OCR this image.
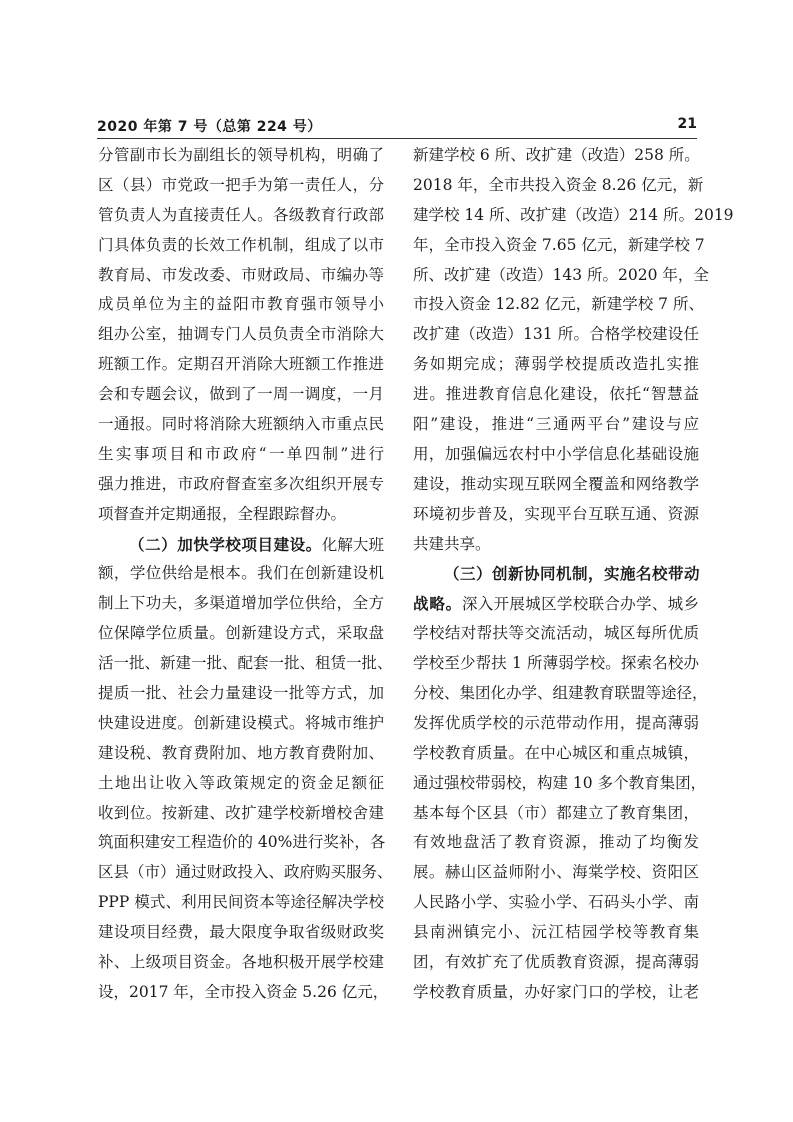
2020 年第 7 号（总第 224 号）	21
分管副市长为副组长的领导机构，明确了
区（县）市党政一把手为第一责任人，分
管负责人为直接责任人。各级教育行政部
门具体负责的长效工作机制，组成了以市
教育局、市发改委、市财政局、市编办等
成员单位为主的益阳市教育强市领导小
组办公室，抽调专门人员负责全市消除大
班额工作。定期召开消除大班额工作推进
会和专题会议，做到了一周一调度，一月
一通报。同时将消除大班额纳入市重点民
生实事项目和市政府“一单四制”进行
强力推进，市政府督查室多次组织开展专
项督查并定期通报，全程跟踪督办。
（二）加快学校项目建设。化解大班
额，学位供给是根本。我们在创新建设机
制上下功夫，多渠道增加学位供给，全方
位保障学位质量。创新建设方式，采取盘
活一批、新建一批、配套一批、租赁一批、
提质一批、社会力量建设一批等方式，加
快建设进度。创新建设模式。将城市维护
建设税、教育费附加、地方教育费附加、
土地出让收入等政策规定的资金足额征
收到位。按新建、改扩建学校新增校舍建
筑面积建安工程造价的 40%进行奖补，各
区县（市）通过财政投入、政府购买服务、
PPP 模式、利用民间资本等途径解决学校
建设项目经费，最大限度争取省级财政奖
补、上级项目资金。各地积极开展学校建
设，2017 年，全市投入资金 5.26 亿元，
新建学校 6 所、改扩建（改造）258 所。
2018 年，全市共投入资金 8.26 亿元，新
建学校 14 所、改扩建（改造）214 所。2019
年，全市投入资金 7.65 亿元，新建学校 7
所、改扩建（改造）143 所。2020 年，全
市投入资金 12.82 亿元，新建学校 7 所、
改扩建（改造）131 所。合格学校建设任
务如期完成；薄弱学校提质改造扎实推
进。推进教育信息化建设，依托“智慧益
阳”建设，推进“三通两平台”建设与应
用，加强偏远农村中小学信息化基础设施
建设，推动实现互联网全覆盖和网络教学
环境初步普及，实现平台互联互通、资源
共建共享。
（三）创新协同机制，实施名校带动
战略。深入开展城区学校联合办学、城乡
学校结对帮扶等交流活动，城区每所优质
学校至少帮扶 1 所薄弱学校。探索名校办
分校、集团化办学、组建教育联盟等途径，
发挥优质学校的示范带动作用，提高薄弱
学校教育质量。在中心城区和重点城镇，
通过强校带弱校，构建 10 多个教育集团，
基本每个区县（市）都建立了教育集团，
有效地盘活了教育资源，推动了均衡发
展。赫山区益师附小、海棠学校、资阳区
人民路小学、实验小学、石码头小学、南
县南洲镇完小、沅江桔园学校等教育集
团，有效扩充了优质教育资源，提高薄弱
学校教育质量，办好家门口的学校，让老
